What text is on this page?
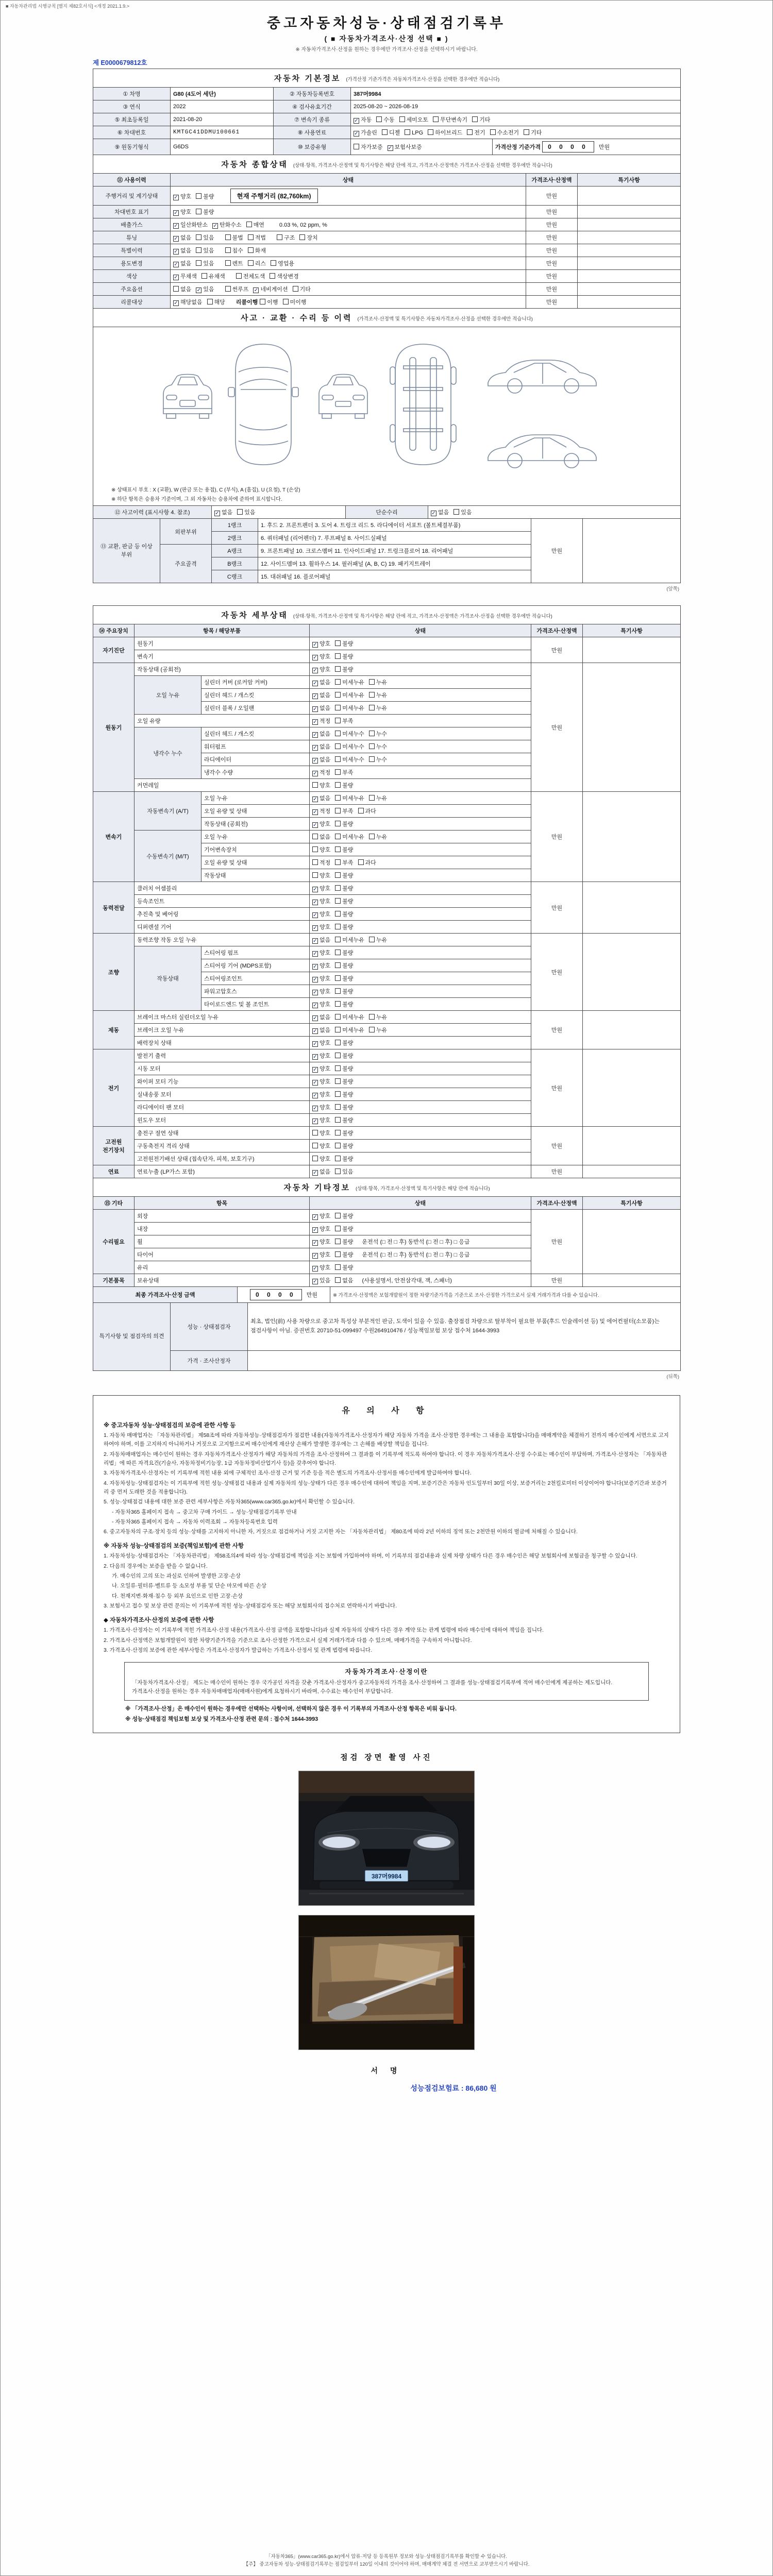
■ 자동차관리법 시행규칙 [별지 제82호서식] <개정 2021.1.9.>
중고자동차성능·상태점검기록부
( ■ 자동차가격조사·산정 선택 ■ )
※ 자동차가격조사·산정을 원하는 경우에만 가격조사·산정을 선택하시기 바랍니다.
제 E0000679812호
자동차 기본정보 (가격산정 기준가격은 자동차가격조사·산정을 선택한 경우에만 적습니다)				
① 차명	G80 (4도어 세단)	② 자동차등록번호	387머9984	
③ 연식	2022	④ 검사유효기간	2025-08-20 ~ 2026-08-19	
⑤ 최초등록일	2021-08-20	⑦ 변속기 종류	✓ 자동 수동 세미오토 무단변속기 기타	
⑥ 차대번호	KMTGC41DDMU100661	⑧ 사용연료	✓ 가솔린 디젤 LPG 하이브리드 전기 수소전기 기타	
⑨ 원동기형식	G6DS	⑩ 보증유형	자가보증 ✓ 보험사보증	가격산정 기준가격 0 0 0 0 만원
자동차 종합상태 (상태·항목, 가격조사·산정액 및 특기사항은 해당 란에 적고, 가격조사·산정액은 가격조사·산정을 선택한 경우에만 적습니다)			
⑪ 사용이력	상태	가격조사·산정액	특기사항
주행거리 및 계기상태	✓ 양호 불량 현재 주행거리 (82,760km)	만원	
차대번호 표기	✓ 양호 불량	만원	
배출가스	✓ 일산화탄소 ✓ 탄화수소 매연 0.03 %, 02 ppm, %	만원	
튜닝	✓ 없음 있음 불법 적법 구조 장치	만원	
특별이력	✓ 없음 있음 침수 화재	만원	
용도변경	✓ 없음 있음 렌트 리스 영업용	만원	
색상	✓ 무채색 유채색 전체도색 색상변경	만원	
주요옵션	없음 ✓ 있음 썬루프 ✓ 네비게이션 기타	만원	
리콜대상	✓ 해당없음 해당 리콜이행 이행 미이행	만원	
사고 · 교환 · 수리 등 이력 (가격조사·산정액 및 특기사항은 자동차가격조사·산정을 선택한 경우에만 적습니다)

※ 상태표시 부호 : X (교환), W (판금 또는 용접), C (부식), A (흠집), U (요철), T (손상)
※ 하단 항목은 승용차 기준이며, 그 외 자동차는 승용차에 준하여 표시합니다.
⑫ 사고이력 (표시사항 4. 참조)	✓ 없음 있음	단순수리	✓ 없음 있음
⑬ 교환, 판금 등 이상 부위	외판부위	1랭크	1. 후드 2. 프론트펜더 3. 도어 4. 트렁크 리드 5. 라디에이터 서포트 (볼트체결부품)	만원	
		2랭크	6. 쿼터패널 (리어펜더) 7. 루프패널 8. 사이드실패널		
	주요골격	A랭크	9. 프론트패널 10. 크로스멤버 11. 인사이드패널 17. 트렁크플로어 18. 리어패널		
		B랭크	12. 사이드멤버 13. 휠하우스 14. 필러패널 (A, B, C) 19. 패키지트레이		
		C랭크	15. 대쉬패널 16. 플로어패널		
(앞쪽)
자동차 세부상태 (상태·항목, 가격조사·산정액 및 특기사항은 해당 란에 적고, 가격조사·산정액은 가격조사·산정을 선택한 경우에만 적습니다)					
⑭ 주요장치	항목 / 해당부품		상태	가격조사·산정액	특기사항
자기진단	원동기		✓ 양호 불량	만원	
	변속기		✓ 양호 불량		
원동기	작동상태 (공회전)		✓ 양호 불량	만원	
	오일 누유	실린더 커버 (로커암 커버)	✓ 없음 미세누유 누유		
		실린더 헤드 / 개스킷	✓ 없음 미세누유 누유		
		실린더 블록 / 오일팬	✓ 없음 미세누유 누유		
	오일 유량		✓ 적정 부족		
	냉각수 누수	실린더 헤드 / 개스킷	✓ 없음 미세누수 누수		
		워터펌프	✓ 없음 미세누수 누수		
		라디에이터	✓ 없음 미세누수 누수		
		냉각수 수량	✓ 적정 부족		
	커먼레일		양호 불량		
변속기	자동변속기 (A/T)	오일 누유	✓ 없음 미세누유 누유	만원	
		오일 유량 및 상태	✓ 적정 부족 과다		
		작동상태 (공회전)	✓ 양호 불량		
	수동변속기 (M/T)	오일 누유	없음 미세누유 누유		
		기어변속장치	양호 불량		
		오일 유량 및 상태	적정 부족 과다		
		작동상태	양호 불량		
동력전달	클러치 어셈블리		✓ 양호 불량	만원	
	등속조인트		✓ 양호 불량		
	추진축 및 베어링		✓ 양호 불량		
	디퍼렌셜 기어		✓ 양호 불량		
조향	동력조향 작동 오일 누유		✓ 없음 미세누유 누유	만원	
	작동상태	스티어링 펌프	✓ 양호 불량		
		스티어링 기어 (MDPS포함)	✓ 양호 불량		
		스티어링조인트	✓ 양호 불량		
		파워고압호스	✓ 양호 불량		
		타이로드엔드 및 볼 조인트	✓ 양호 불량		
제동	브레이크 마스터 실린더오일 누유		✓ 없음 미세누유 누유	만원	
	브레이크 오일 누유		✓ 없음 미세누유 누유		
	배력장치 상태		✓ 양호 불량		
전기	발전기 출력		✓ 양호 불량	만원	
	시동 모터		✓ 양호 불량		
	와이퍼 모터 기능		✓ 양호 불량		
	실내송풍 모터		✓ 양호 불량		
	라디에이터 팬 모터		✓ 양호 불량		
	윈도우 모터		✓ 양호 불량		
고전원 전기장치	충전구 절연 상태		양호 불량	만원	
	구동축전지 격리 상태		양호 불량		
	고전원전기배선 상태 (접속단자, 피복, 보호기구)		양호 불량		
연료	연료누출 (LP가스 포함)		✓ 없음 있음	만원	
자동차 기타정보 (상태·항목, 가격조사·산정액 및 특기사항은 해당 란에 적습니다)				
⑮ 기타	항목	상태	가격조사·산정액	특기사항
수리필요	외장	✓ 양호 불량	만원	
	내장	✓ 양호 불량		
	휠	✓ 양호 불량 운전석 (□ 전 □ 후) 동반석 (□ 전 □ 후) □ 응급		
	타이어	✓ 양호 불량 운전석 (□ 전 □ 후) 동반석 (□ 전 □ 후) □ 응급		
	유리	✓ 양호 불량		
기본품목	보유상태	✓ 있음 없음 (사용설명서, 안전삼각대, 잭, 스패너)	만원	
최종 가격조사·산정 금액	0 0 0 0 만원	※ 가격조사·산정액은 보험개발원이 정한 차량기준가격을 기준으로 조사·산정한 가격으로서 실제 거래가격과 다를 수 있습니다.
특기사항 및 점검자의 의견	성능 · 상태점검자	최초, 법인(前) 사용 차량으로 중고차 특성상 부분적인 판금, 도색이 있을 수 있음. 출장점검 차량으로 탈부착이 필요한 부품(후드 인슐레이션 등) 및 에어컨필터(소모품)는 점검사항이 아님. 증권번호 20710-51-099497 수원264910476 / 성능책임보험 보상 접수처 1644-3993
	가격 · 조사산정자	
(뒤쪽)
유 의 사 항
※ 중고자동차 성능·상태점검의 보증에 관한 사항 등
1. 자동차 매매업자는 「자동차관리법」 제58조에 따라 자동차성능·상태점검자가 점검한 내용(자동차가격조사·산정자가 해당 자동차 가격을 조사·산정한 경우에는 그 내용을 포함합니다)을 매매계약을 체결하기 전까지 매수인에게 서면으로 고지하여야 하며, 이를 고지하지 아니하거나 거짓으로 고지함으로써 매수인에게 재산상 손해가 발생한 경우에는 그 손해를 배상할 책임을 집니다.
2. 자동차매매업자는 매수인이 원하는 경우 자동차가격조사·산정자가 해당 자동차의 가격을 조사·산정하여 그 결과를 이 기록부에 적도록 하여야 합니다. 이 경우 자동차가격조사·산정 수수료는 매수인이 부담하며, 가격조사·산정자는 「자동차관리법」에 따른 자격요건(기술사, 자동차정비기능장, 1급 자동차정비산업기사 등)을 갖추어야 합니다.
3. 자동차가격조사·산정자는 이 기록부에 적힌 내용 외에 구체적인 조사·산정 근거 및 기준 등을 적은 별도의 가격조사·산정서를 매수인에게 발급하여야 합니다.
4. 자동차성능·상태점검자는 이 기록부에 적힌 성능·상태점검 내용과 실제 자동차의 성능·상태가 다른 경우 매수인에 대하여 책임을 지며, 보증기간은 자동차 인도일부터 30일 이상, 보증거리는 2천킬로미터 이상이어야 합니다(보증기간과 보증거리 중 먼저 도래한 것을 적용합니다).
5. 성능·상태점검 내용에 대한 보증 관련 세부사항은 자동차365(www.car365.go.kr)에서 확인할 수 있습니다.
- 자동차365 홈페이지 접속 → 중고차 구매 가이드 → 성능·상태점검기록부 안내
- 자동차365 홈페이지 접속 → 자동차 이력조회 → 자동차등록번호 입력
6. 중고자동차의 구조·장치 등의 성능·상태를 고지하지 아니한 자, 거짓으로 점검하거나 거짓 고지한 자는 「자동차관리법」 제80조에 따라 2년 이하의 징역 또는 2천만원 이하의 벌금에 처해질 수 있습니다.
※ 자동차 성능·상태점검의 보증(책임보험)에 관한 사항
1. 자동차성능·상태점검자는 「자동차관리법」 제58조의4에 따라 성능·상태점검에 책임을 지는 보험에 가입하여야 하며, 이 기록부의 점검내용과 실제 차량 상태가 다른 경우 매수인은 해당 보험회사에 보험금을 청구할 수 있습니다.
2. 다음의 경우에는 보증을 받을 수 없습니다.
가. 매수인의 고의 또는 과실로 인하여 발생한 고장·손상
나. 오일류·필터류·벨트류 등 소모성 부품 및 단순 마모에 따른 손상
다. 천재지변·화재·침수 등 외부 요인으로 인한 고장·손상
3. 보험사고 접수 및 보상 관련 문의는 이 기록부에 적힌 성능·상태점검자 또는 해당 보험회사의 접수처로 연락하시기 바랍니다.
◆ 자동차가격조사·산정의 보증에 관한 사항
1. 가격조사·산정자는 이 기록부에 적힌 가격조사·산정 내용(가격조사·산정 금액을 포함합니다)과 실제 자동차의 상태가 다른 경우 계약 또는 관계 법령에 따라 매수인에 대하여 책임을 집니다.
2. 가격조사·산정액은 보험개발원이 정한 차량기준가격을 기준으로 조사·산정한 가격으로서 실제 거래가격과 다를 수 있으며, 매매가격을 구속하지 아니합니다.
3. 가격조사·산정의 보증에 관한 세부사항은 가격조사·산정자가 발급하는 가격조사·산정서 및 관계 법령에 따릅니다.
자동차가격조사·산정이란
「자동차가격조사·산정」 제도는 매수인이 원하는 경우 국가공인 자격을 갖춘 가격조사·산정자가 중고자동차의 가격을 조사·산정하여 그 결과를 성능·상태점검기록부에 적어 매수인에게 제공하는 제도입니다.
가격조사·산정을 원하는 경우 자동차매매업자(매매사원)에게 요청하시기 바라며, 수수료는 매수인이 부담합니다.
※ 「가격조사·산정」은 매수인이 원하는 경우에만 선택하는 사항이며, 선택하지 않은 경우 이 기록부의 가격조사·산정 항목은 비워 둡니다.
※ 성능·상태점검 책임보험 보상 및 가격조사·산정 관련 문의 : 접수처 1644-3993
점검 장면 촬영 사진
387머9984
서 명
성능점검보험료 : 86,680 원
「자동차365」(www.car365.go.kr)에서 압류·저당 등 등록원부 정보와 성능·상태점검기록부를 확인할 수 있습니다.
【주】 중고자동차 성능·상태점검기록부는 점검일부터 120일 이내의 것이어야 하며, 매매계약 체결 전 서면으로 교부받으시기 바랍니다.
